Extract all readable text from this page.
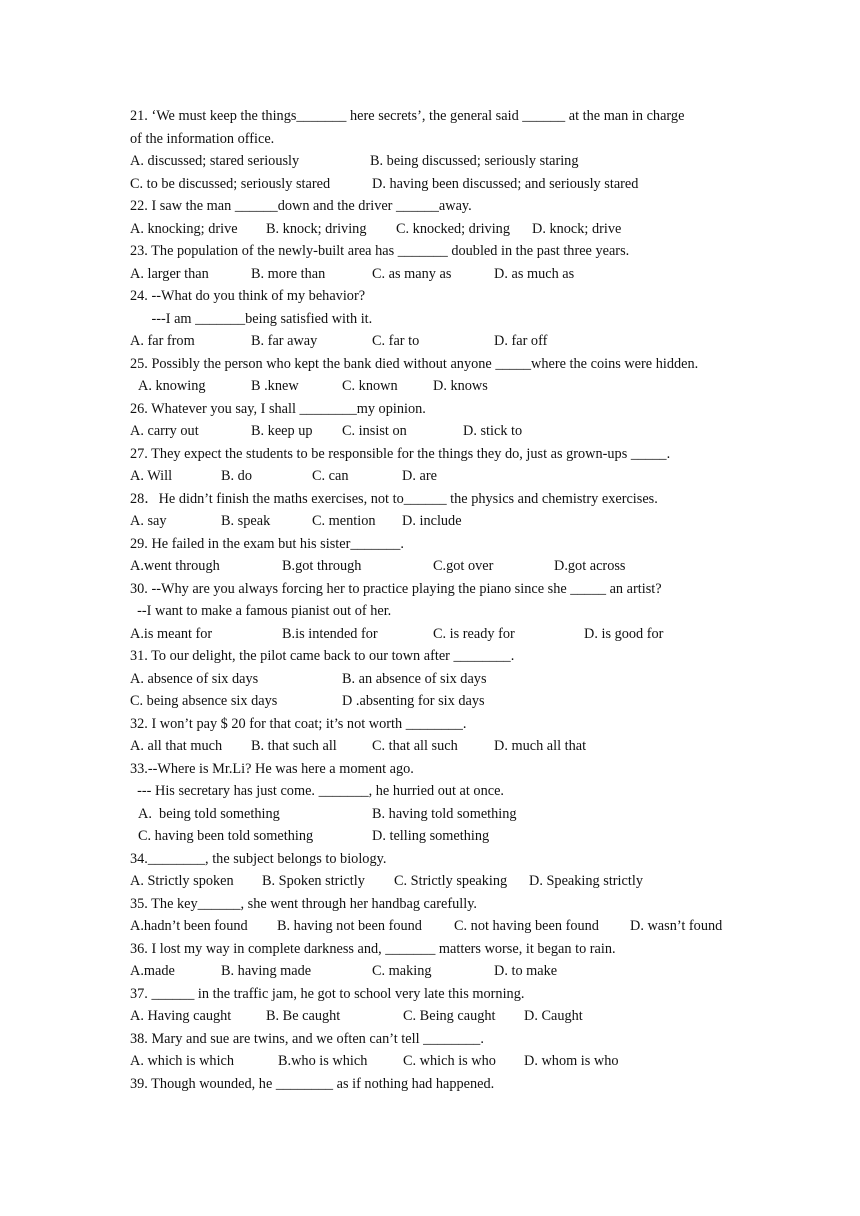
21. ‘We must keep the things_______ here secrets’, the general said ______ at the man in charge
of the information office.
A. discussed; stared seriously	B. being discussed; seriously staring
C. to be discussed; seriously stared	D. having been discussed; and seriously stared
22. I saw the man ______down and the driver ______away.
A. knocking; drive B. knock; driving C. knocked; driving D. knock; drive
23. The population of the newly-built area has _______ doubled in the past three years.
A. larger than	B. more than	C. as many as	D. as much as
24. --What do you think of my behavior?
---I am _______being satisfied with it.
A. far from	B. far away	C. far to	D. far off
25. Possibly the person who kept the bank died without anyone _____where the coins were hidden.
A. knowing	B .knew	C. known D. knows
26. Whatever you say, I shall ________my opinion.
A. carry out	B. keep up C. insist on	D. stick to
27. They expect the students to be responsible for the things they do, just as grown-ups _____.
A. Will	B. do	C. can	D. are
28．He didn’t finish the maths exercises, not to______ the physics and chemistry exercises.
A. say	B. speak	C. mention D. include
29. He failed in the exam but his sister_______.
A.went through	B.got through	C.got over	D.got across
30. --Why are you always forcing her to practice playing the piano since she _____ an artist?
--I want to make a famous pianist out of her.
A.is meant for	B.is intended for	C. is ready for	D. is good for
31. To our delight, the pilot came back to our town after ________.
A. absence of six days	B. an absence of six days
C. being absence six days	D .absenting for six days
32. I won’t pay $ 20 for that coat; it’s not worth ________.
A. all that much B. that such all C. that all such	D. much all that
33.--Where is Mr.Li? He was here a moment ago.
--- His secretary has just come. _______, he hurried out at once.
A.  being told something	B. having told something
C. having been told something	D. telling something
34.________, the subject belongs to biology.
A. Strictly spoken B. Spoken strictly C. Strictly speaking D. Speaking strictly
35. The key______, she went through her handbag carefully.
A.hadn’t been found B. having not been found C. not having been found D. wasn’t found
36. I lost my way in complete darkness and, _______ matters worse, it began to rain.
A.made	B. having made	C. making	D. to make
37. ______ in the traffic jam, he got to school very late this morning.
A. Having caught B. Be caught	C. Being caught D. Caught
38. Mary and sue are twins, and we often can’t tell ________.
A. which is which	B.who is which C. which is who D. whom is who
39. Though wounded, he ________ as if nothing had happened.
